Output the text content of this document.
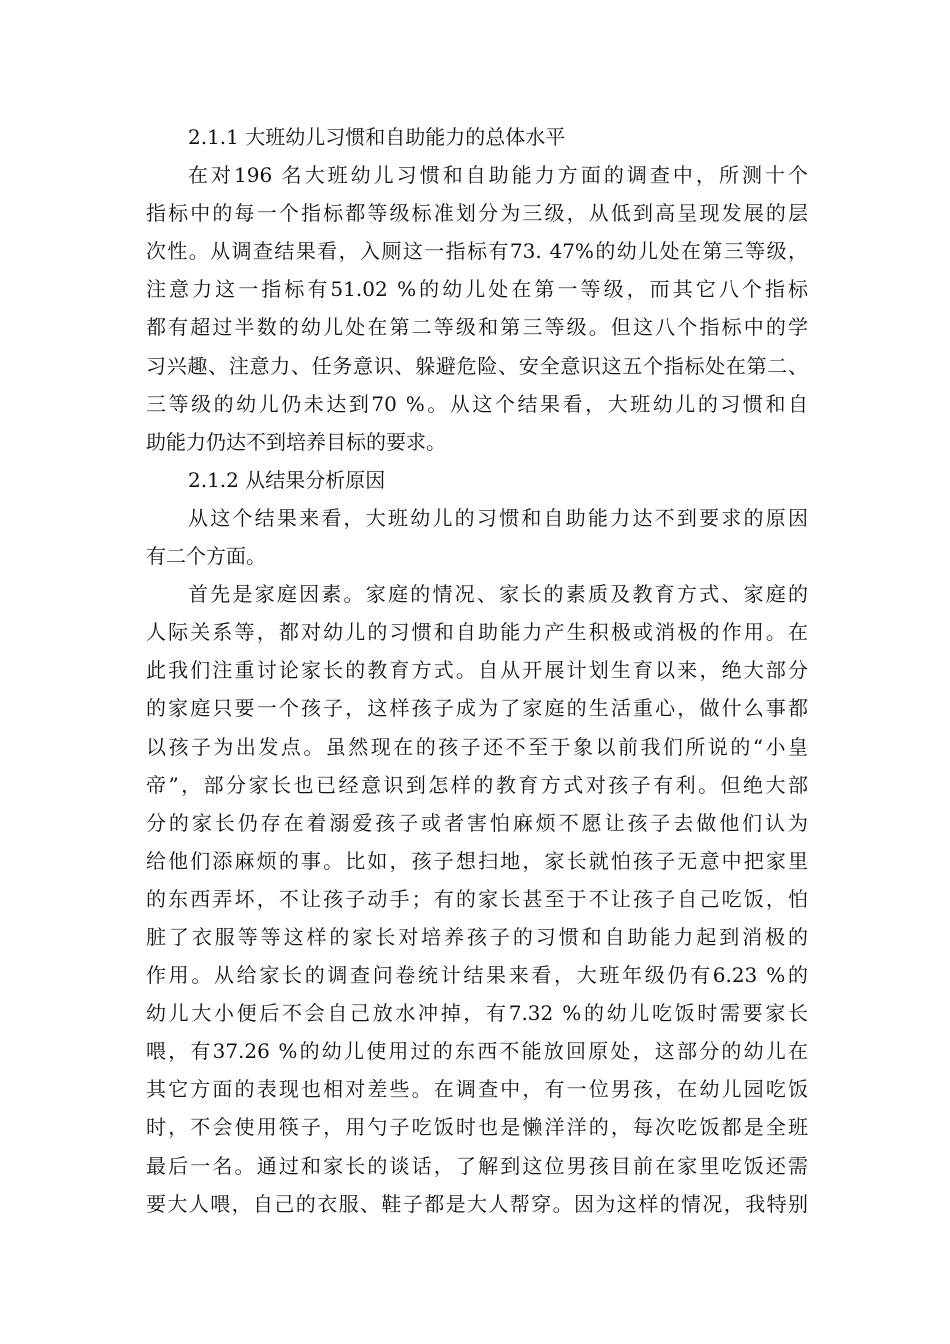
2.1.1 大班幼儿习惯和自助能力的总体水平
在对196 名大班幼儿习惯和自助能力方面的调查中，所测十个
指标中的每一个指标都等级标准划分为三级，从低到高呈现发展的层
次性。从调查结果看，入厕这一指标有73. 47%的幼儿处在第三等级，
注意力这一指标有51.02 %的幼儿处在第一等级，而其它八个指标
都有超过半数的幼儿处在第二等级和第三等级。但这八个指标中的学
习兴趣、注意力、任务意识、躲避危险、安全意识这五个指标处在第二、
三等级的幼儿仍未达到70 %。从这个结果看，大班幼儿的习惯和自
助能力仍达不到培养目标的要求。
2.1.2 从结果分析原因
从这个结果来看，大班幼儿的习惯和自助能力达不到要求的原因
有二个方面。
首先是家庭因素。家庭的情况、家长的素质及教育方式、家庭的
人际关系等，都对幼儿的习惯和自助能力产生积极或消极的作用。在
此我们注重讨论家长的教育方式。自从开展计划生育以来，绝大部分
的家庭只要一个孩子，这样孩子成为了家庭的生活重心，做什么事都
以孩子为出发点。虽然现在的孩子还不至于象以前我们所说的“小皇
帝”，部分家长也已经意识到怎样的教育方式对孩子有利。但绝大部
分的家长仍存在着溺爱孩子或者害怕麻烦不愿让孩子去做他们认为
给他们添麻烦的事。比如，孩子想扫地，家长就怕孩子无意中把家里
的东西弄坏，不让孩子动手；有的家长甚至于不让孩子自己吃饭，怕
脏了衣服等等这样的家长对培养孩子的习惯和自助能力起到消极的
作用。从给家长的调查问卷统计结果来看，大班年级仍有6.23 %的
幼儿大小便后不会自己放水冲掉，有7.32 %的幼儿吃饭时需要家长
喂，有37.26 %的幼儿使用过的东西不能放回原处，这部分的幼儿在
其它方面的表现也相对差些。在调查中，有一位男孩，在幼儿园吃饭
时，不会使用筷子，用勺子吃饭时也是懒洋洋的，每次吃饭都是全班
最后一名。通过和家长的谈话，了解到这位男孩目前在家里吃饭还需
要大人喂，自己的衣服、鞋子都是大人帮穿。因为这样的情况，我特别
